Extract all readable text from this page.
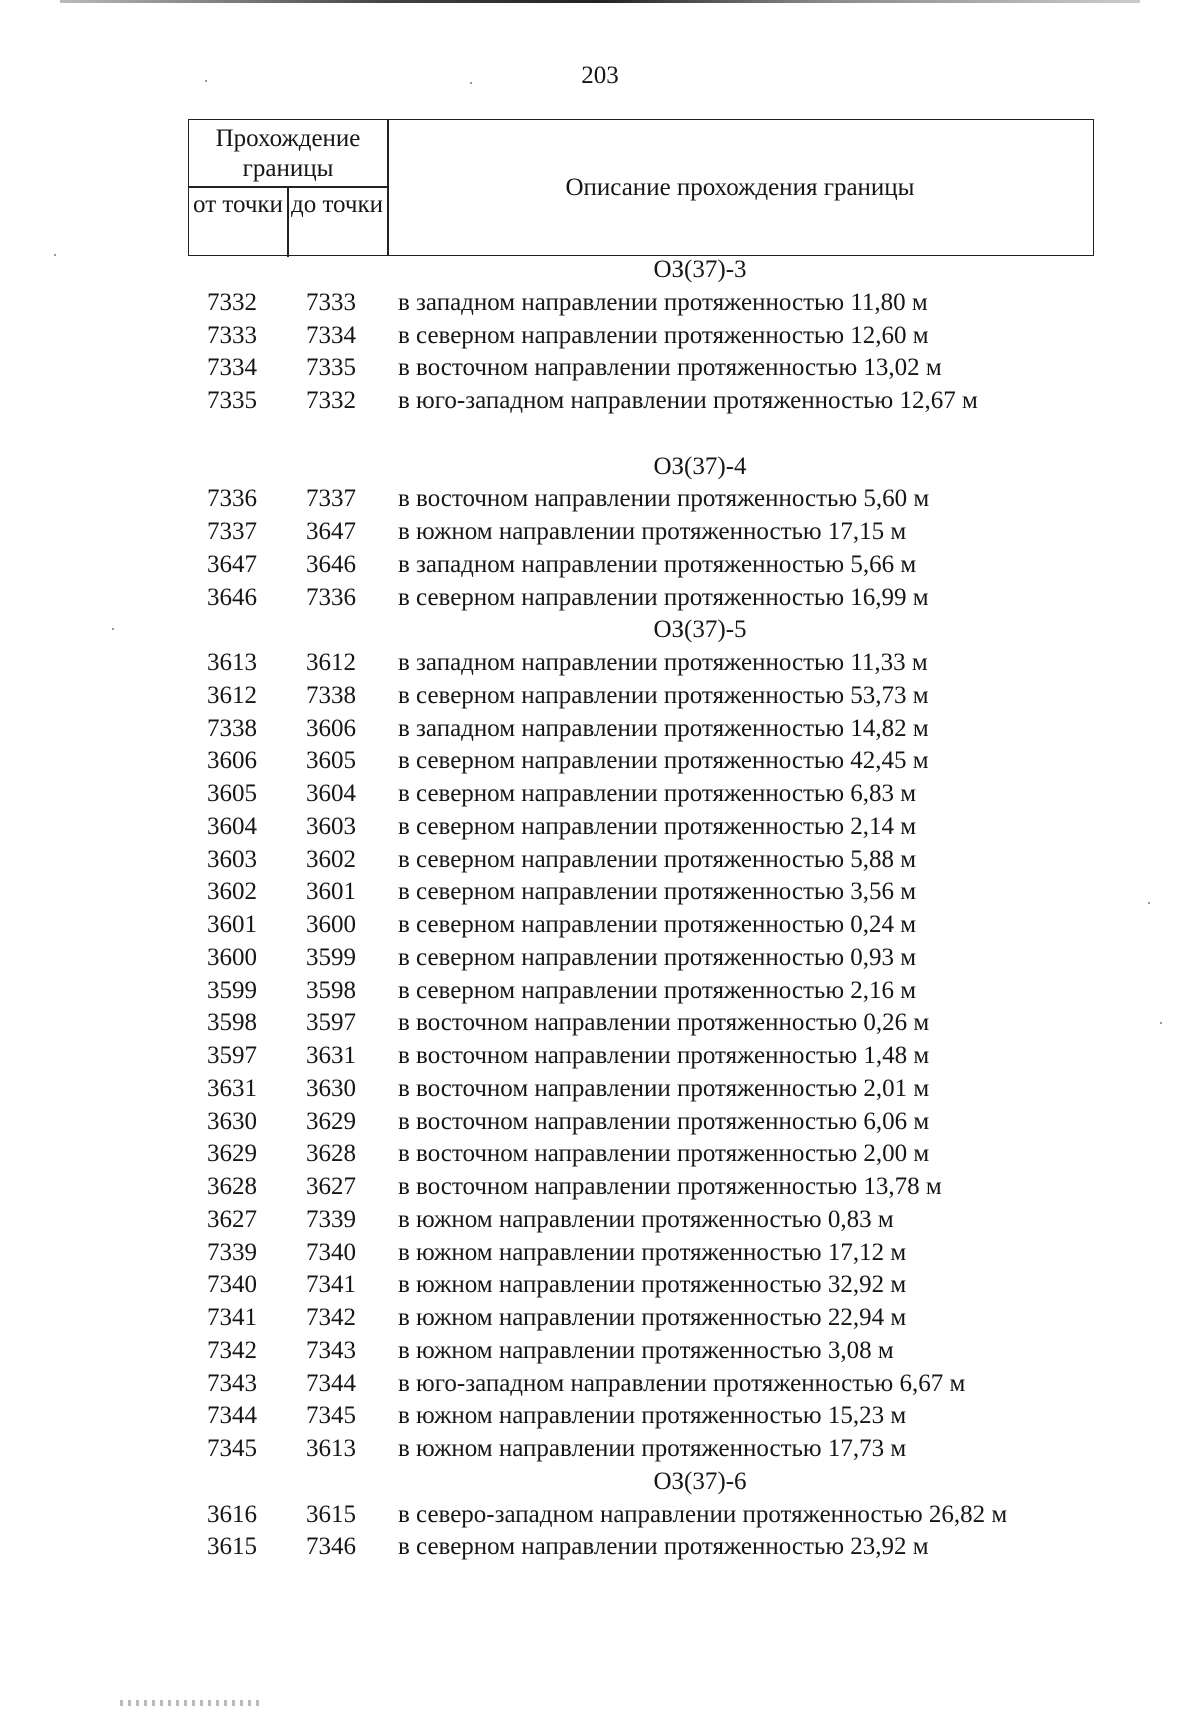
203
Прохождение границы
Описание прохождения границы
от точки до точки
ОЗ(37)-3
7332	7333	в западном направлении протяженностью 11,80 м
7333	7334	в северном направлении протяженностью 12,60 м
7334	7335	в восточном направлении протяженностью 13,02 м
7335	7332	в юго-западном направлении протяженностью 12,67 м
ОЗ(37)-4
7336	7337	в восточном направлении протяженностью 5,60 м
7337	3647	в южном направлении протяженностью 17,15 м
3647	3646	в западном направлении протяженностью 5,66 м
3646	7336	в северном направлении протяженностью 16,99 м
ОЗ(37)-5
3613	3612	в западном направлении протяженностью 11,33 м
3612	7338	в северном направлении протяженностью 53,73 м
7338	3606	в западном направлении протяженностью 14,82 м
3606	3605	в северном направлении протяженностью 42,45 м
3605	3604	в северном направлении протяженностью 6,83 м
3604	3603	в северном направлении протяженностью 2,14 м
3603	3602	в северном направлении протяженностью 5,88 м
3602	3601	в северном направлении протяженностью 3,56 м
3601	3600	в северном направлении протяженностью 0,24 м
3600	3599	в северном направлении протяженностью 0,93 м
3599	3598	в северном направлении протяженностью 2,16 м
3598	3597	в восточном направлении протяженностью 0,26 м
3597	3631	в восточном направлении протяженностью 1,48 м
3631	3630	в восточном направлении протяженностью 2,01 м
3630	3629	в восточном направлении протяженностью 6,06 м
3629	3628	в восточном направлении протяженностью 2,00 м
3628	3627	в восточном направлении протяженностью 13,78 м
3627	7339	в южном направлении протяженностью 0,83 м
7339	7340	в южном направлении протяженностью 17,12 м
7340	7341	в южном направлении протяженностью 32,92 м
7341	7342	в южном направлении протяженностью 22,94 м
7342	7343	в южном направлении протяженностью 3,08 м
7343	7344	в юго-западном направлении протяженностью 6,67 м
7344	7345	в южном направлении протяженностью 15,23 м
7345	3613	в южном направлении протяженностью 17,73 м
ОЗ(37)-6
3616	3615	в северо-западном направлении протяженностью 26,82 м
3615	7346	в северном направлении протяженностью 23,92 м
